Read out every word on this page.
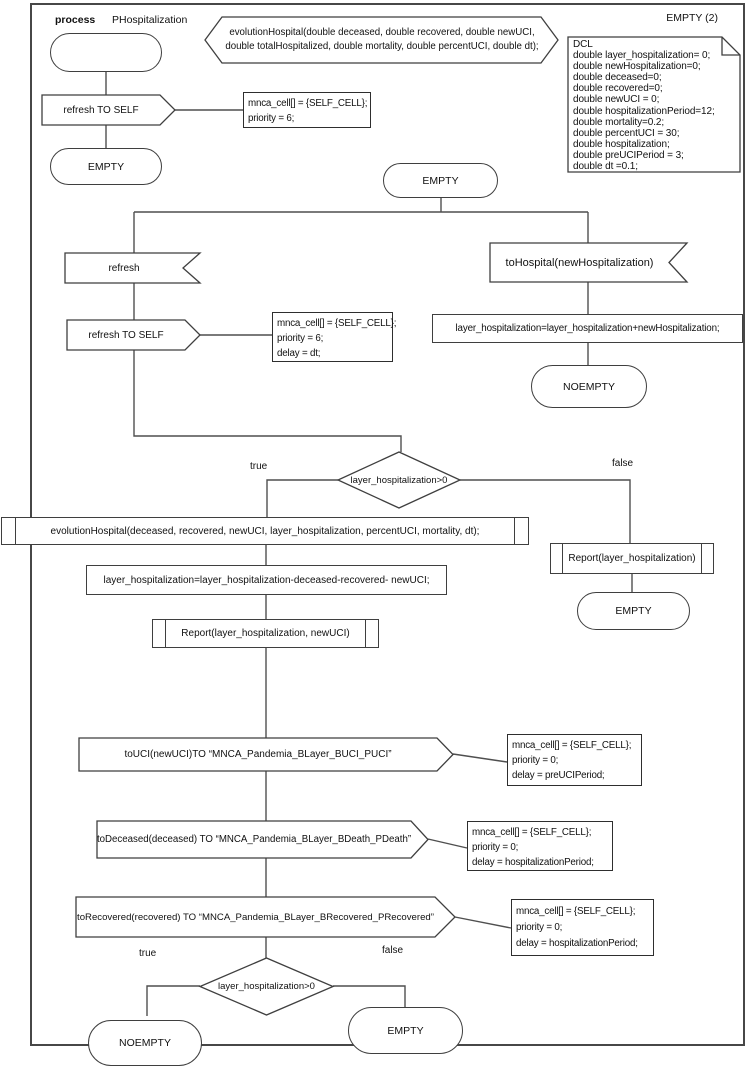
process PHospitalization	EMPTY (2)
EMPTY
EMPTY
NOEMPTY
EMPTY
NOEMPTY
EMPTY
evolutionHospital(double deceased, double recovered, double newUCI,
double totalHospitalized, double mortality, double percentUCI, double dt);	DCL
double layer_hospitalization= 0;
double newHospitalization=0;
double deceased=0;
double recovered=0;
double newUCI = 0;
double hospitalizationPeriod=12;
double mortality=0.2;
double percentUCI = 30;
double hospitalization;
double preUCIPeriod = 3;
double dt =0.1;
refresh TO SELF
refresh
refresh TO SELF
toHospital(newHospitalization)
toUCI(newUCI)TO “MNCA_Pandemia_BLayer_BUCI_PUCI”
toDeceased(deceased) TO “MNCA_Pandemia_BLayer_BDeath_PDeath”
toRecovered(recovered) TO “MNCA_Pandemia_BLayer_BRecovered_PRecovered”
layer_hospitalization>0
layer_hospitalization>0
true	false
true	false
layer_hospitalization=layer_hospitalization+newHospitalization;
layer_hospitalization=layer_hospitalization-deceased-recovered- newUCI;
evolutionHospital(deceased, recovered, newUCI, layer_hospitalization, percentUCI, mortality, dt);
Report(layer_hospitalization, newUCI)
Report(layer_hospitalization)
mnca_cell[] = {SELF_CELL};
priority = 6;
mnca_cell[] = {SELF_CELL};
priority = 6;
delay = dt;
mnca_cell[] = {SELF_CELL};
priority = 0;
delay = preUCIPeriod;
mnca_cell[] = {SELF_CELL};
priority = 0;
delay = hospitalizationPeriod;
mnca_cell[] = {SELF_CELL};
priority = 0;
delay = hospitalizationPeriod;
